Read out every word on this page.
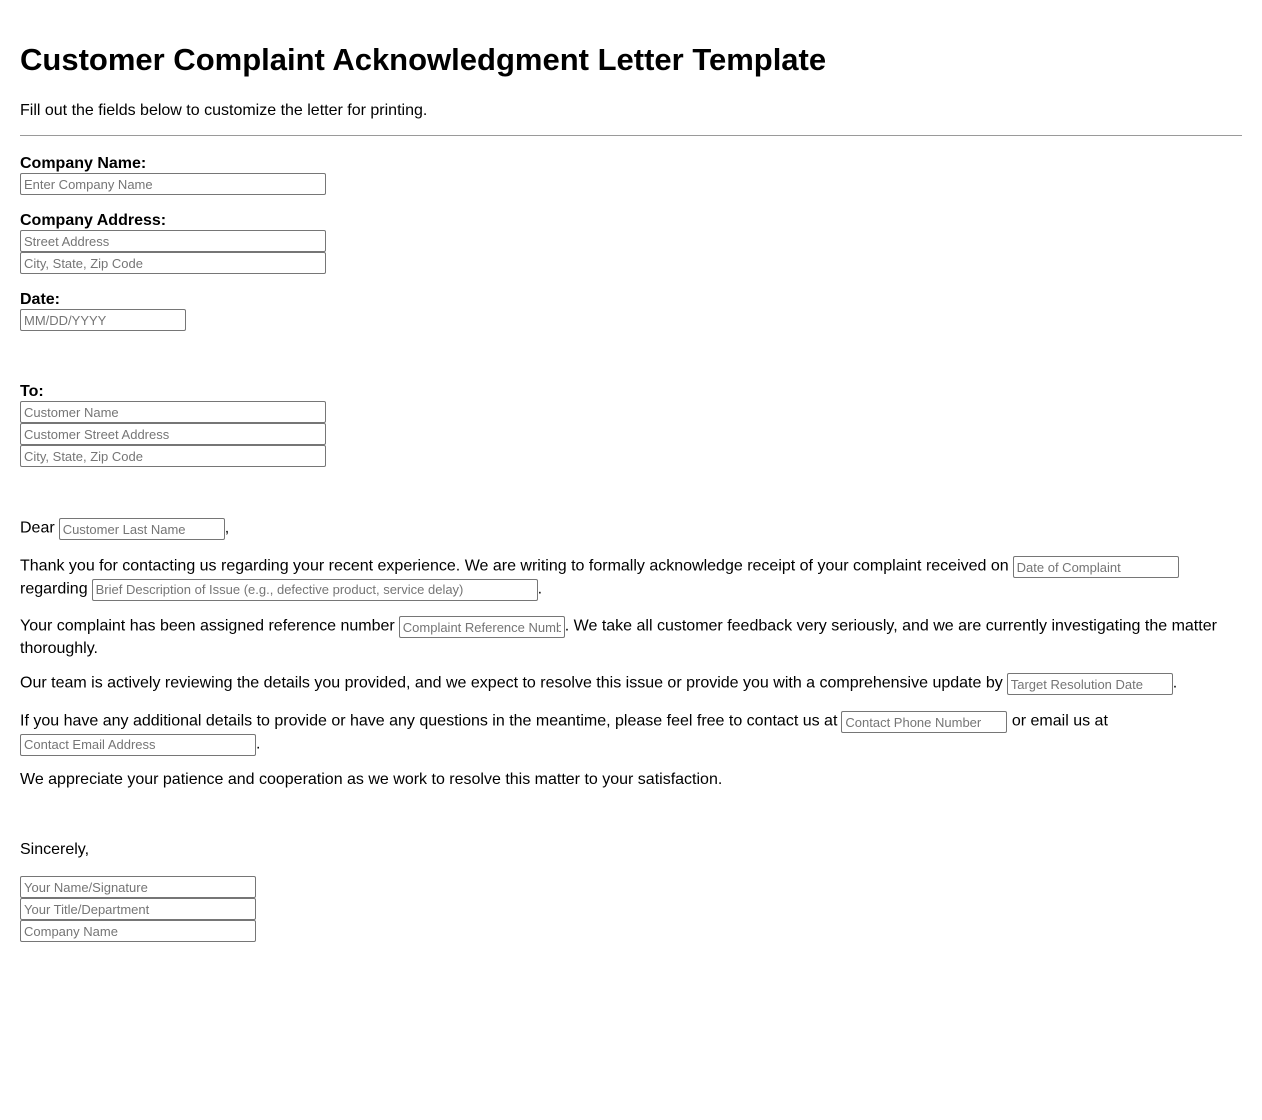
Customer Complaint Acknowledgment Letter Template

Fill out the fields below to customize the letter for printing.

Company Name:
Enter Company Name
Company Address:
Street Address
City, State, Zip Code
Date:
MM/DD/YYYY
To:
Customer Name
Customer Street Address
City, State, Zip Code

DearCustomer Last Name	,

Thank you for contacting us regarding your recent experience. We are writing to formally acknowledge receipt of your complaint received onDate of Complaint
regardingBrief Description of Issue (e.g., defective product, service delay)	.

Your complaint has been assigned reference numberComplaint Reference Number	. We take all customer feedback very seriously, and we are currently investigating the matter thoroughly.

Our team is actively reviewing the details you provided, and we expect to resolve this issue or provide you with a comprehensive update byTarget Resolution Date	.

If you have any additional details to provide or have any questions in the meantime, please feel free to contact us atContact Phone Number	or email us at
Contact Email Address.

We appreciate your patience and cooperation as we work to resolve this matter to your satisfaction.

Sincerely,

Your Name/Signature
Your Title/Department
Company Name
